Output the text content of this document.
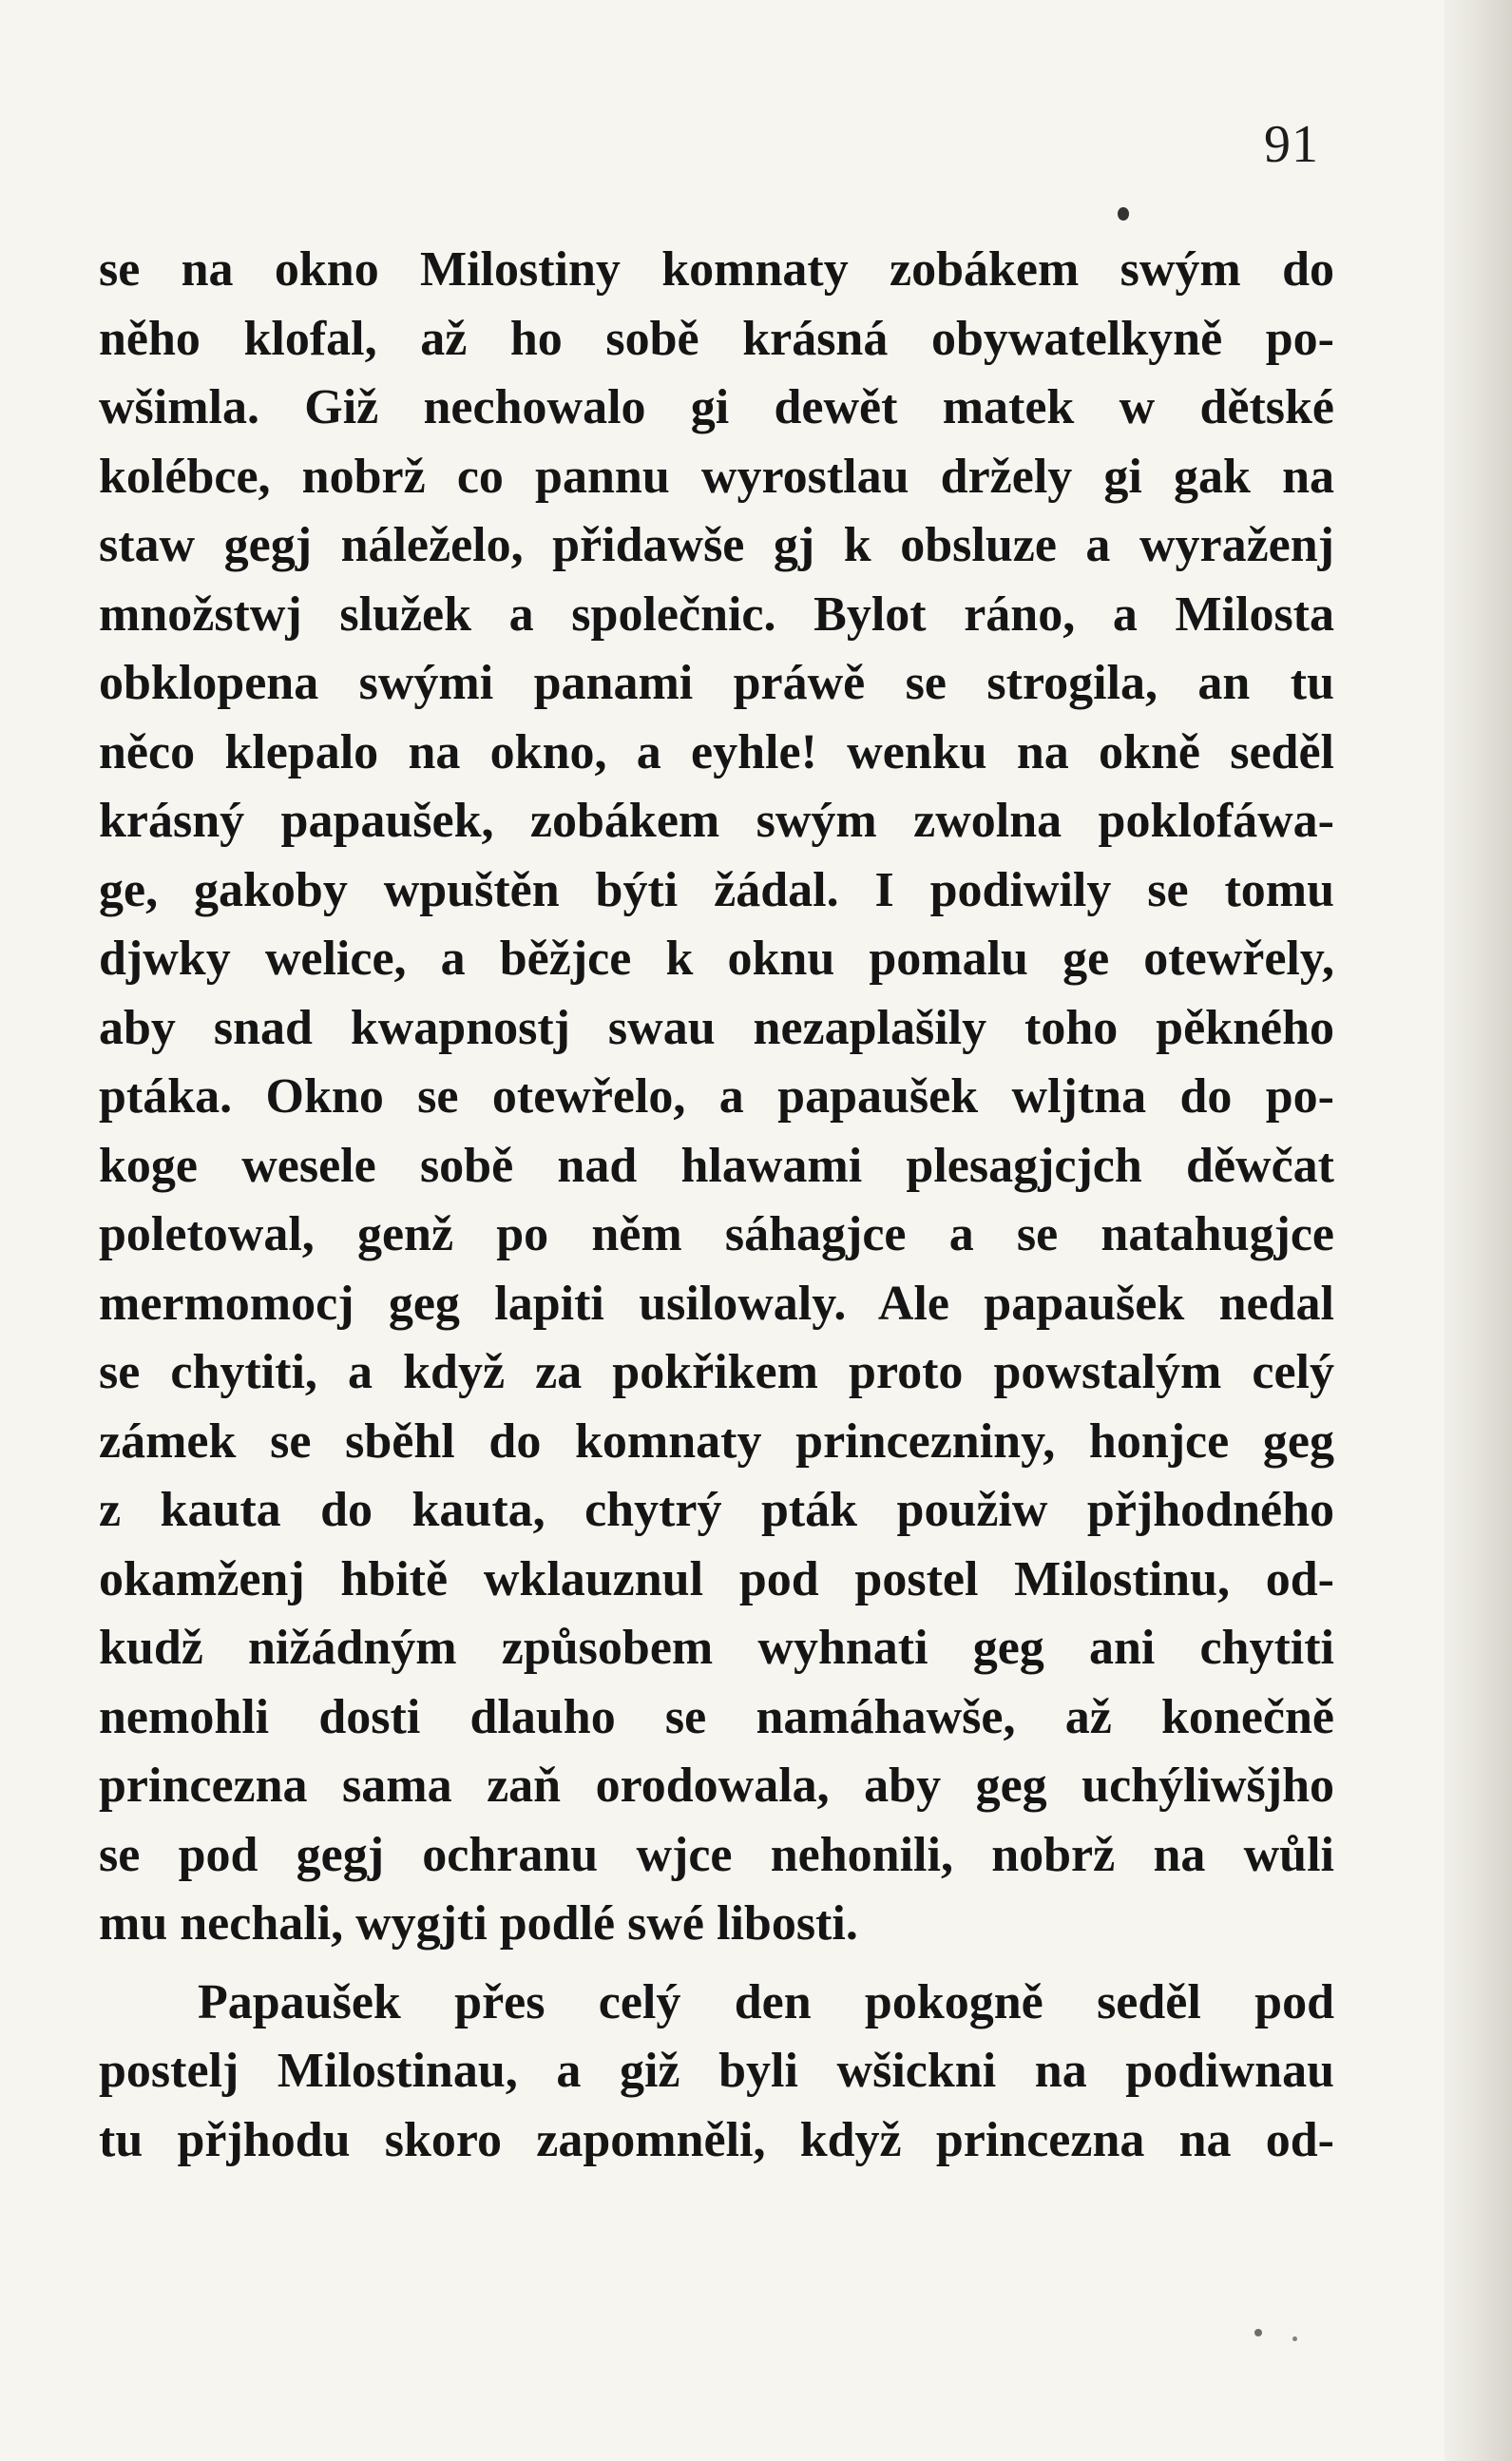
91
se na okno Milostiny komnaty zobákem swým do
něho klofal, až ho sobě krásná obywatelkyně po-
wšimla. Giž nechowalo gi dewět matek w dětské
kolébce, nobrž co pannu wyrostlau držely gi gak na
staw gegj náleželo, přidawše gj k obsluze a wyraženj
množstwj služek a společnic. Bylot ráno, a Milosta
obklopena swými panami práwě se strogila, an tu
něco klepalo na okno, a eyhle! wenku na okně seděl
krásný papaušek, zobákem swým zwolna poklofáwa-
ge, gakoby wpuštěn býti žádal. I podiwily se tomu
djwky welice, a běžjce k oknu pomalu ge otewřely,
aby snad kwapnostj swau nezaplašily toho pěkného
ptáka. Okno se otewřelo, a papaušek wljtna do po-
koge wesele sobě nad hlawami plesagjcjch děwčat
poletowal, genž po něm sáhagjce a se natahugjce
mermomocj geg lapiti usilowaly. Ale papaušek nedal
se chytiti, a když za pokřikem proto powstalým celý
zámek se sběhl do komnaty princezniny, honjce geg
z kauta do kauta, chytrý pták použiw přjhodného
okamženj hbitě wklauznul pod postel Milostinu, od-
kudž nižádným způsobem wyhnati geg ani chytiti
nemohli dosti dlauho se namáhawše, až konečně
princezna sama zaň orodowala, aby geg uchýliwšjho
se pod gegj ochranu wjce nehonili, nobrž na wůli
mu nechali, wygjti podlé swé libosti.
Papaušek přes celý den pokogně seděl pod
postelj Milostinau, a giž byli wšickni na podiwnau
tu přjhodu skoro zapomněli, když princezna na od-
